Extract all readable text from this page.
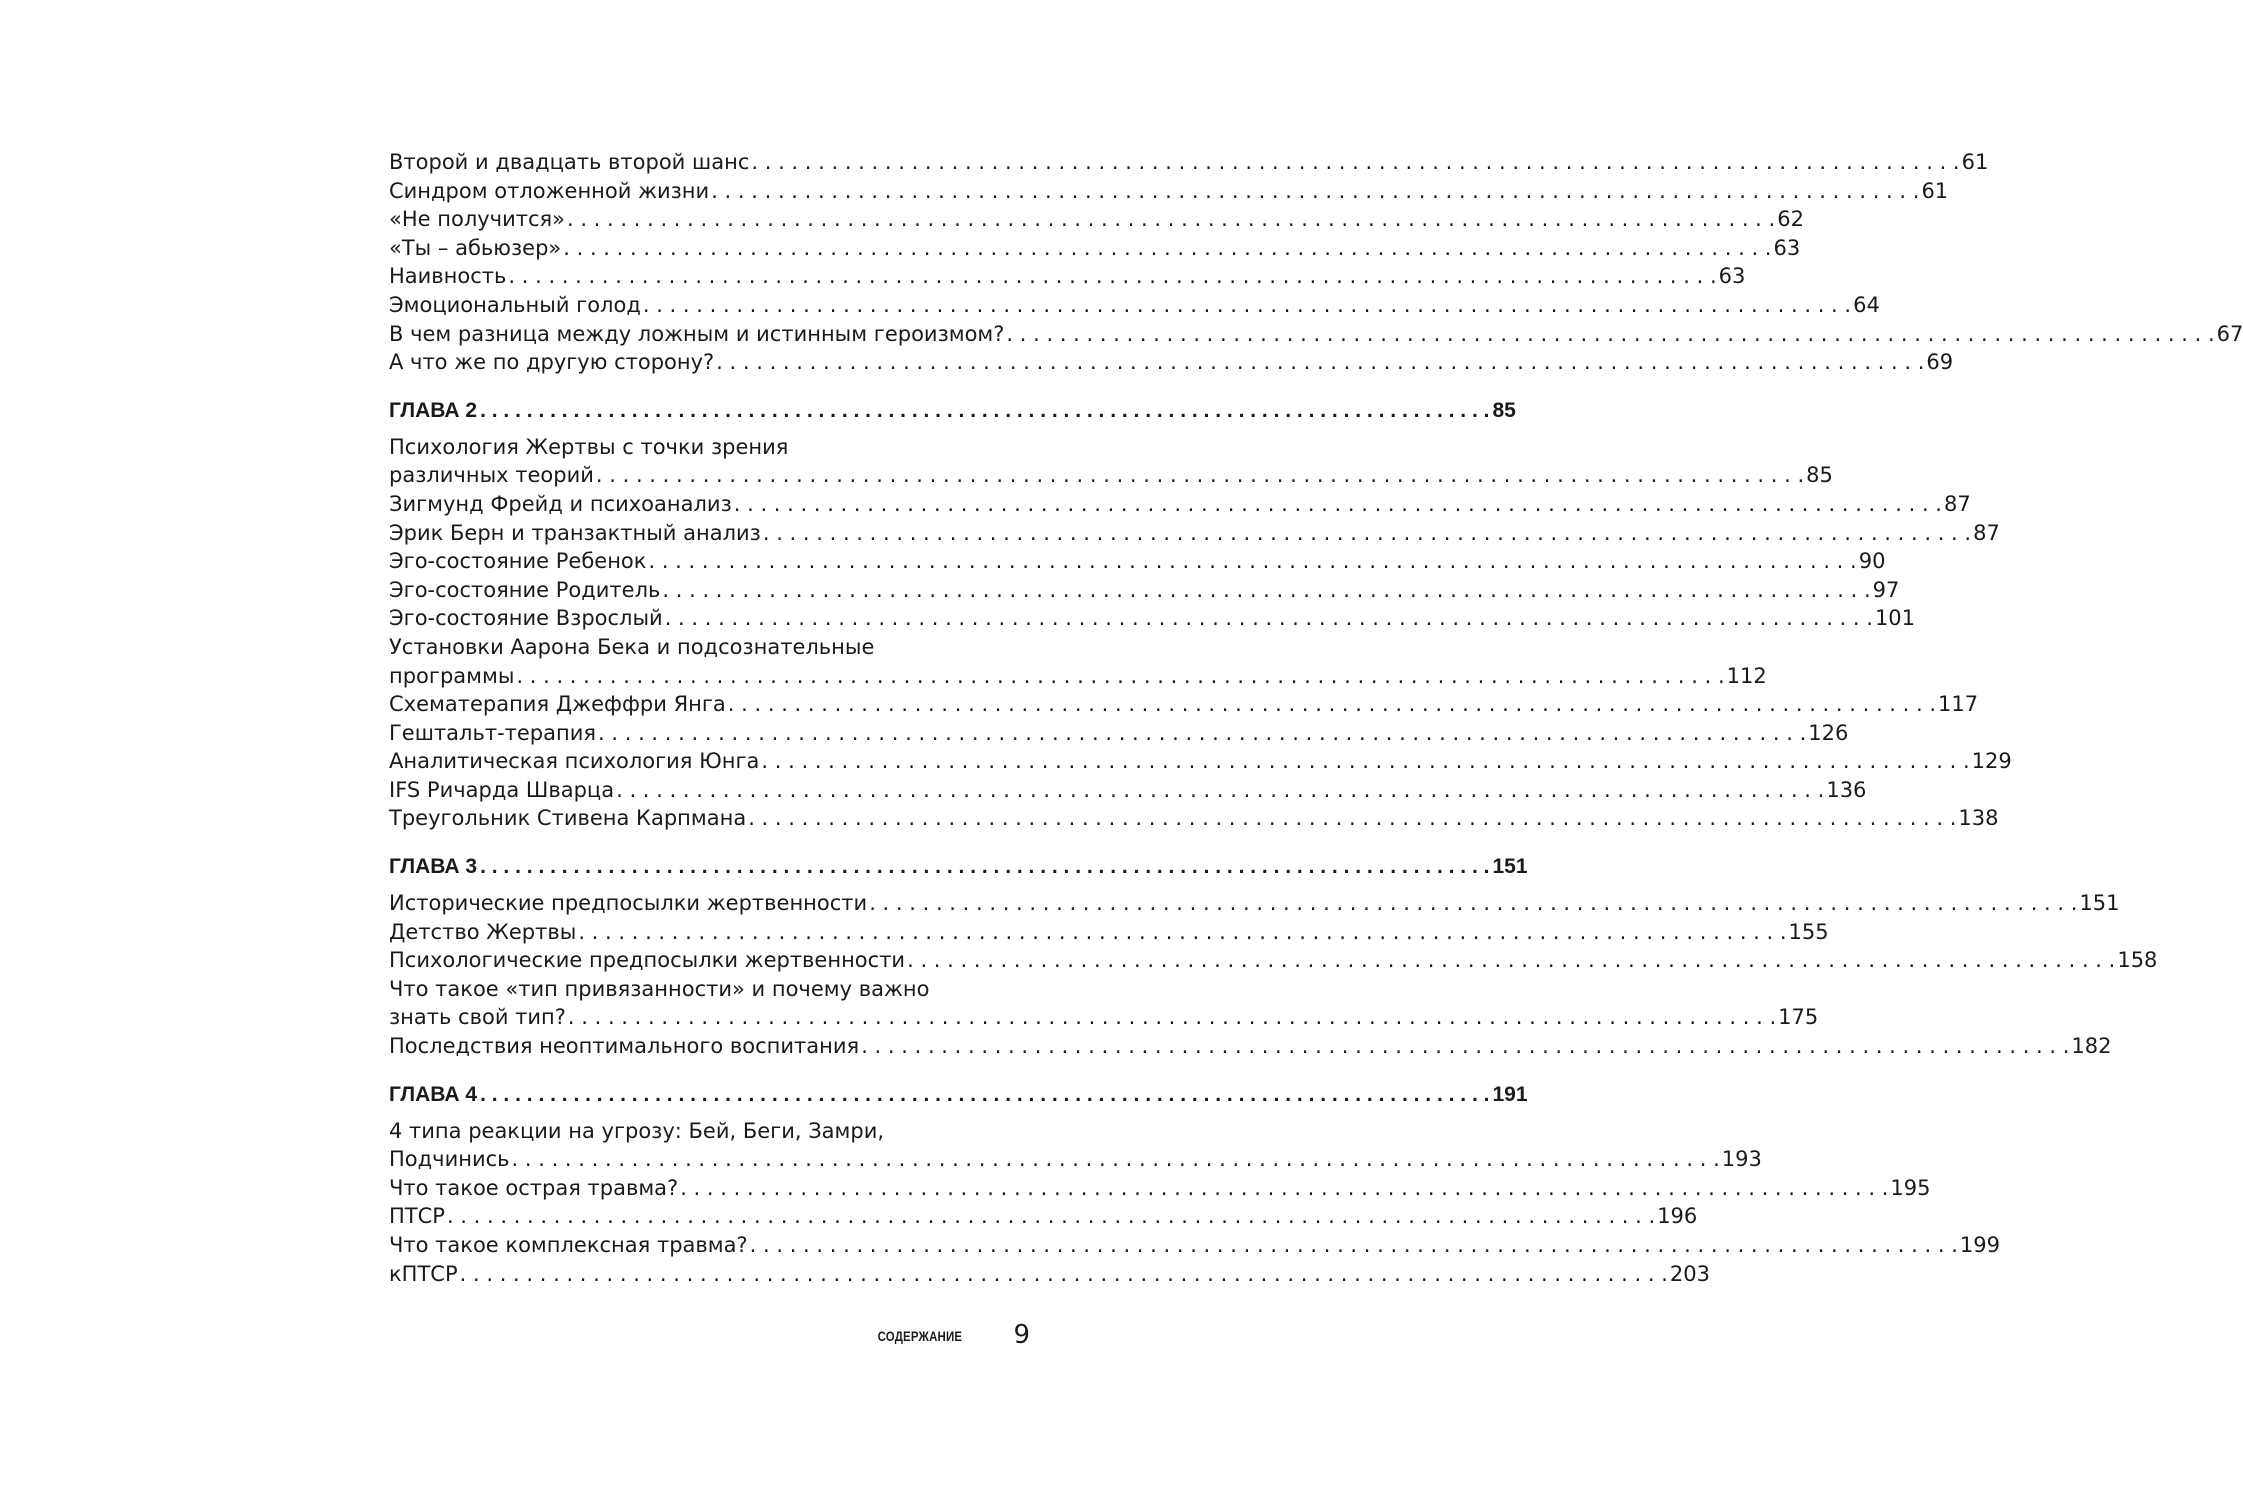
Второй и двадцать второй шанс . . .	61
Синдром отложенной жизни . . .	61
«Не получится» . . .	62
«Ты – абьюзер» . . .	63
Наивность . . .	63
Эмоциональный голод . . .	64
В чем разница между ложным и истинным героизмом? . . .	67
А что же по другую сторону? . . .	69
ГЛАВА 2 . . .	85
Психология Жертвы с точки зрения
различных теорий . . .	85
Зигмунд Фрейд и психоанализ . . .	87
Эрик Берн и транзактный анализ . . .	87
Эго-состояние Ребенок . . .	90
Эго-состояние Родитель . . .	97
Эго-состояние Взрослый . . .	101
Установки Аарона Бека и подсознательные
программы . . .	112
Схематерапия Джеффри Янга . . .	117
Гештальт-терапия . . .	126
Аналитическая психология Юнга . . .	129
IFS Ричарда Шварца . . .	136
Треугольник Стивена Карпмана . . .	138
ГЛАВА 3 . . .	151
Исторические предпосылки жертвенности . . .	151
Детство Жертвы . . .	155
Психологические предпосылки жертвенности . . .	158
Что такое «тип привязанности» и почему важно
знать свой тип? . . .	175
Последствия неоптимального воспитания . . .	182
ГЛАВА 4 . . .	191
4 типа реакции на угрозу: Бей, Беги, Замри,
Подчинись . . .	193
Что такое острая травма? . . .	195
ПТСР . . .	196
Что такое комплексная травма? . . .	199
кПТСР . . .	203
СОДЕРЖАНИЕ 9
